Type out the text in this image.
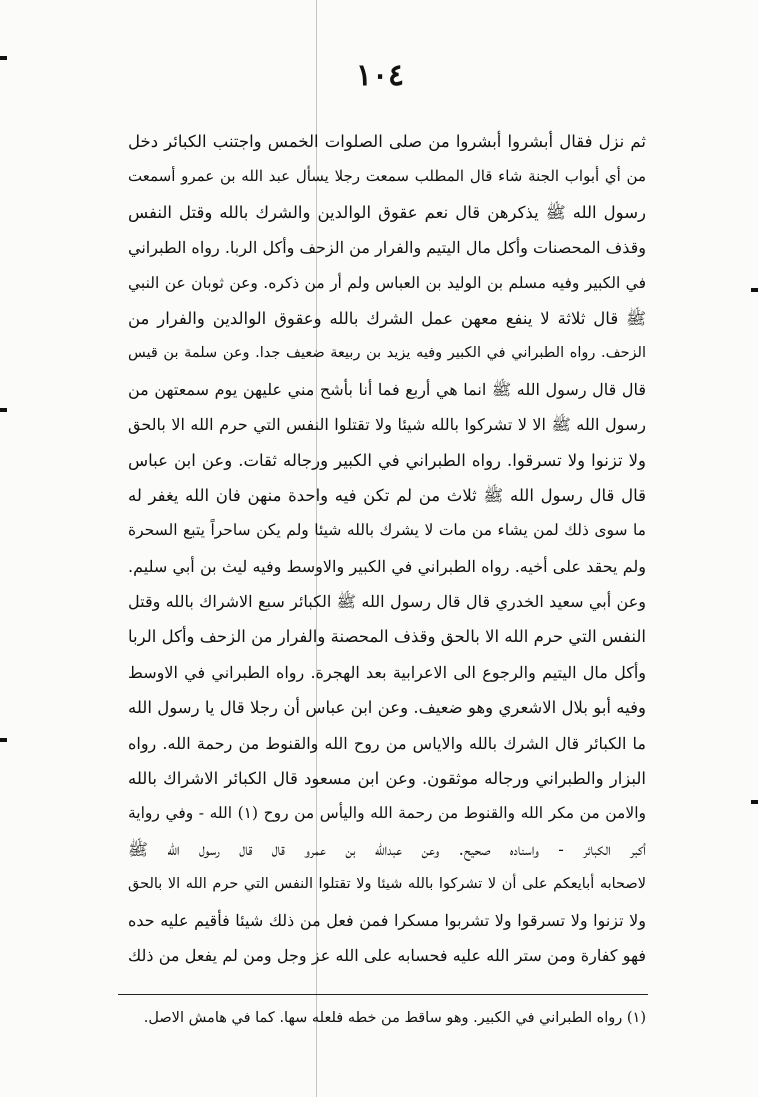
١٠٤
ثم نزل فقال أبشروا أبشروا من صلى الصلوات الخمس واجتنب الكبائر دخل
من أي أبواب الجنة شاء قال المطلب سمعت رجلا يسأل عبد الله بن عمرو أسمعت
رسول الله ﷺ يذكرهن قال نعم عقوق الوالدين والشرك بالله وقتل النفس
وقذف المحصنات وأكل مال اليتيم والفرار من الزحف وأكل الربا. رواه الطبراني
في الكبير وفيه مسلم بن الوليد بن العباس ولم أر من ذكره. وعن ثوبان عن النبي
ﷺ قال ثلاثة لا ينفع معهن عمل الشرك بالله وعقوق الوالدين والفرار من
الزحف. رواه الطبراني في الكبير وفيه يزيد بن ربيعة ضعيف جدا. وعن سلمة بن قيس
قال قال رسول الله ﷺ انما هي أربع فما أنا بأشح مني عليهن يوم سمعتهن من
رسول الله ﷺ الا لا تشركوا بالله شيئا ولا تقتلوا النفس التي حرم الله الا بالحق
ولا تزنوا ولا تسرقوا. رواه الطبراني في الكبير ورجاله ثقات. وعن ابن عباس
قال قال رسول الله ﷺ ثلاث من لم تكن فيه واحدة منهن فان الله يغفر له
ما سوى ذلك لمن يشاء من مات لا يشرك بالله شيئا ولم يكن ساحراً يتبع السحرة
ولم يحقد على أخيه. رواه الطبراني في الكبير والاوسط وفيه ليث بن أبي سليم.
وعن أبي سعيد الخدري قال قال رسول الله ﷺ الكبائر سبع الاشراك بالله وقتل
النفس التي حرم الله الا بالحق وقذف المحصنة والفرار من الزحف وأكل الربا
وأكل مال اليتيم والرجوع الى الاعرابية بعد الهجرة. رواه الطبراني في الاوسط
وفيه أبو بلال الاشعري وهو ضعيف. وعن ابن عباس أن رجلا قال يا رسول الله
ما الكبائر قال الشرك بالله والاياس من روح الله والقنوط من رحمة الله. رواه
البزار والطبراني ورجاله موثقون. وعن ابن مسعود قال الكبائر الاشراك بالله
والامن من مكر الله والقنوط من رحمة الله واليأس من روح (١) الله - وفي رواية
أكبر الكبائر - واسناده صحيح. وعن عبدالله بن عمرو قال قال رسول الله ﷺ
لاصحابه أبايعكم على أن لا تشركوا بالله شيئا ولا تقتلوا النفس التي حرم الله الا بالحق
ولا تزنوا ولا تسرقوا ولا تشربوا مسكرا فمن فعل من ذلك شيئا فأقيم عليه حده
فهو كفارة ومن ستر الله عليه فحسابه على الله عز وجل ومن لم يفعل من ذلك
(١) رواه الطبراني في الكبير. وهو ساقط من خطه فلعله سها. كما في هامش الاصل.
